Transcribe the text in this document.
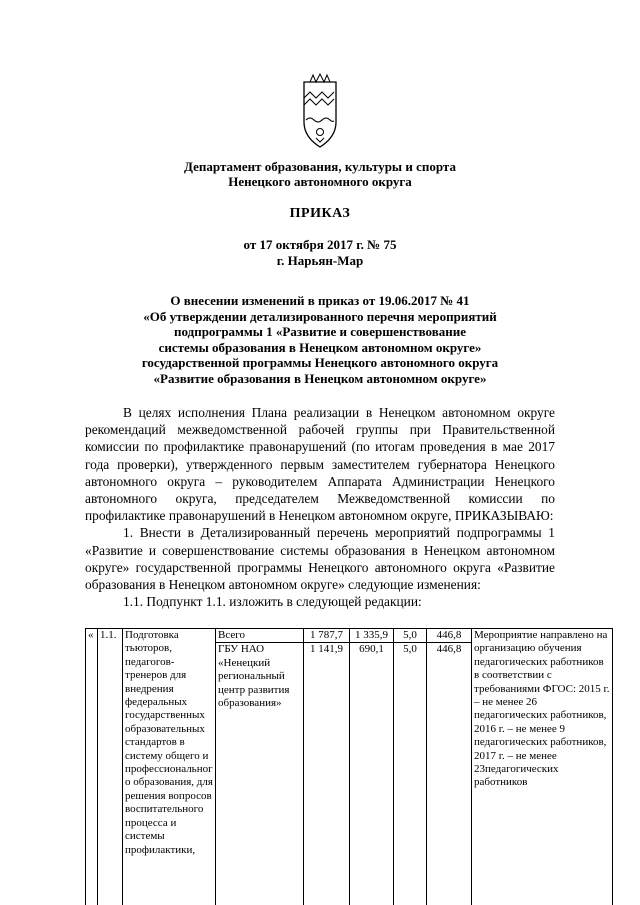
Департамент образования, культуры и спорта
Ненецкого автономного округа
ПРИКАЗ
от 17 октября 2017 г. № 75
г. Нарьян-Мар
О внесении изменений в приказ от 19.06.2017 № 41
«Об утверждении детализированного перечня мероприятий
подпрограммы 1 «Развитие и совершенствование
системы образования в Ненецком автономном округе»
государственной программы Ненецкого автономного округа
«Развитие образования в Ненецком автономном округе»

В целях исполнения Плана реализации в Ненецком автономном округе рекомендаций межведомственной рабочей группы при Правительственной комиссии по профилактике правонарушений (по итогам проведения в мае 2017 года проверки), утвержденного первым заместителем губернатора Ненецкого автономного округа – руководителем Аппарата Администрации Ненецкого автономного округа, председателем Межведомственной комиссии по профилактике правонарушений в Ненецком автономном округе, ПРИКАЗЫВАЮ:

1. Внести в Детализированный перечень мероприятий подпрограммы 1 «Развитие и совершенствование системы образования в Ненецком автономном округе» государственной программы Ненецкого автономного округа «Развитие образования в Ненецком автономном округе» следующие изменения:

1.1. Подпункт 1.1. изложить в следующей редакции:

«	1.1.	Подготовка тьюторов, педагогов-тренеров для внедрения федеральных государственных образовательных стандартов в систему общего и профессионального образования, для решения вопросов воспитательного процесса и системы профилактики,	Всего	1 787,7	1 335,9	5,0	446,8	Мероприятие направлено на организацию обучения педагогических работников в соответствии с требованиями ФГОС: 2015 г. – не менее 26 педагогических работников, 2016 г. – не менее 9 педагогических работников, 2017 г. – не менее 23педагогических работников
			ГБУ НАО «Ненецкий региональный центр развития образования»	1 141,9	690,1	5,0	446,8	
